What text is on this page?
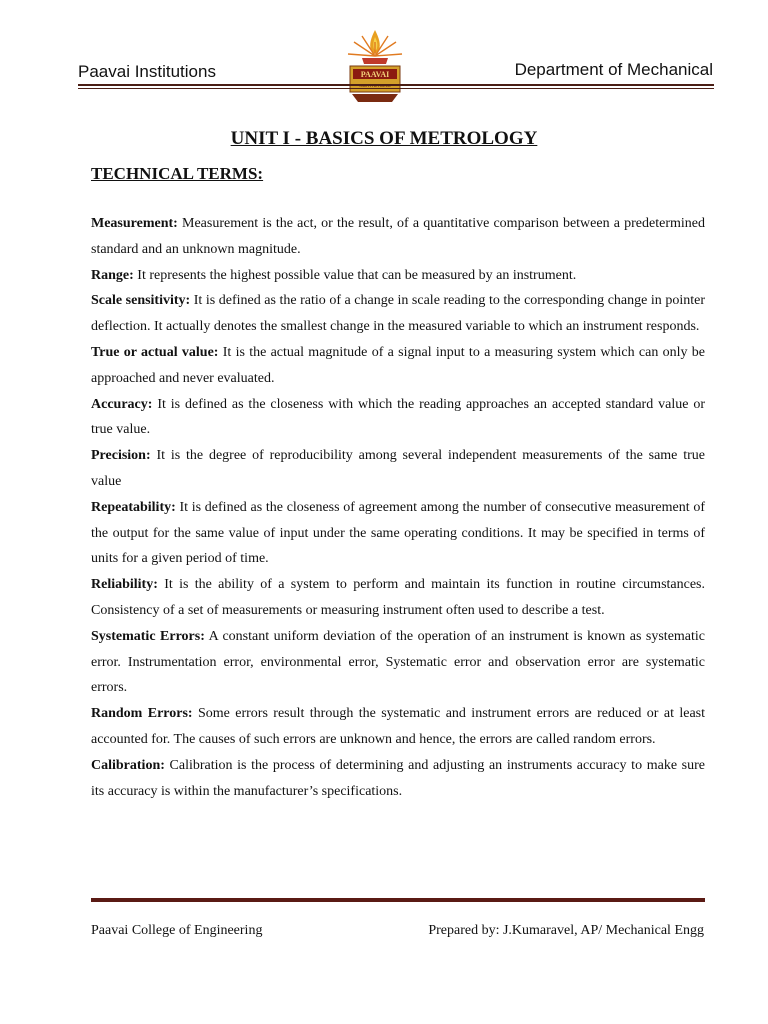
Paavai Institutions	PAAVAI
INSTITUTIONS
Department of Mechanical
UNIT I - BASICS OF METROLOGY
TECHNICAL TERMS:

Measurement: Measurement is the act, or the result, of a quantitative comparison between a predetermined standard and an unknown magnitude.

Range: It represents the highest possible value that can be measured by an instrument.

Scale sensitivity: It is defined as the ratio of a change in scale reading to the corresponding change in pointer deflection. It actually denotes the smallest change in the measured variable to which an instrument responds.

True or actual value: It is the actual magnitude of a signal input to a measuring system which can only be approached and never evaluated.

Accuracy: It is defined as the closeness with which the reading approaches an accepted standard value or true value.

Precision: It is the degree of reproducibility among several independent measurements of the same true value

Repeatability: It is defined as the closeness of agreement among the number of consecutive measurement of the output for the same value of input under the same operating conditions. It may be specified in terms of units for a given period of time.

Reliability: It is the ability of a system to perform and maintain its function in routine circumstances. Consistency of a set of measurements or measuring instrument often used to describe a test.

Systematic Errors: A constant uniform deviation of the operation of an instrument is known as systematic error. Instrumentation error, environmental error, Systematic error and observation error are systematic errors.

Random Errors: Some errors result through the systematic and instrument errors are reduced or at least accounted for. The causes of such errors are unknown and hence, the errors are called random errors.

Calibration: Calibration is the process of determining and adjusting an instruments accuracy to make sure its accuracy is within the manufacturer’s specifications.

Paavai College of Engineering	Prepared by: J.Kumaravel, AP/ Mechanical Engg
